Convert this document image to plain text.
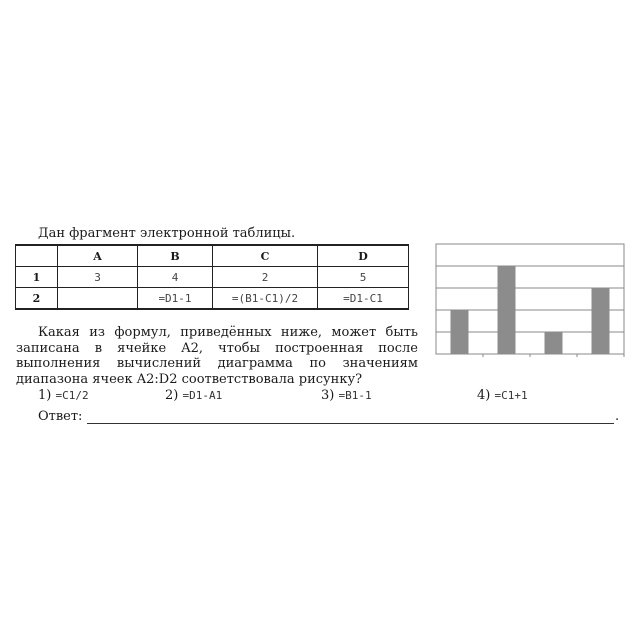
Дан фрагмент электронной таблицы.
	A	B	C	D
1	3	4	2	5
2		=D1-1	=(B1-C1)/2	=D1-C1
Какая из формул, приведённых ниже, может быть записана в ячейке A2, чтобы построенная после выполнения вычислений диаграмма по значениям диапазона ячеек A2:D2 соответствовала рисунку?
1) =C1/2	2) =D1-A1	3) =B1-1	4) =C1+1
Ответ:	.
